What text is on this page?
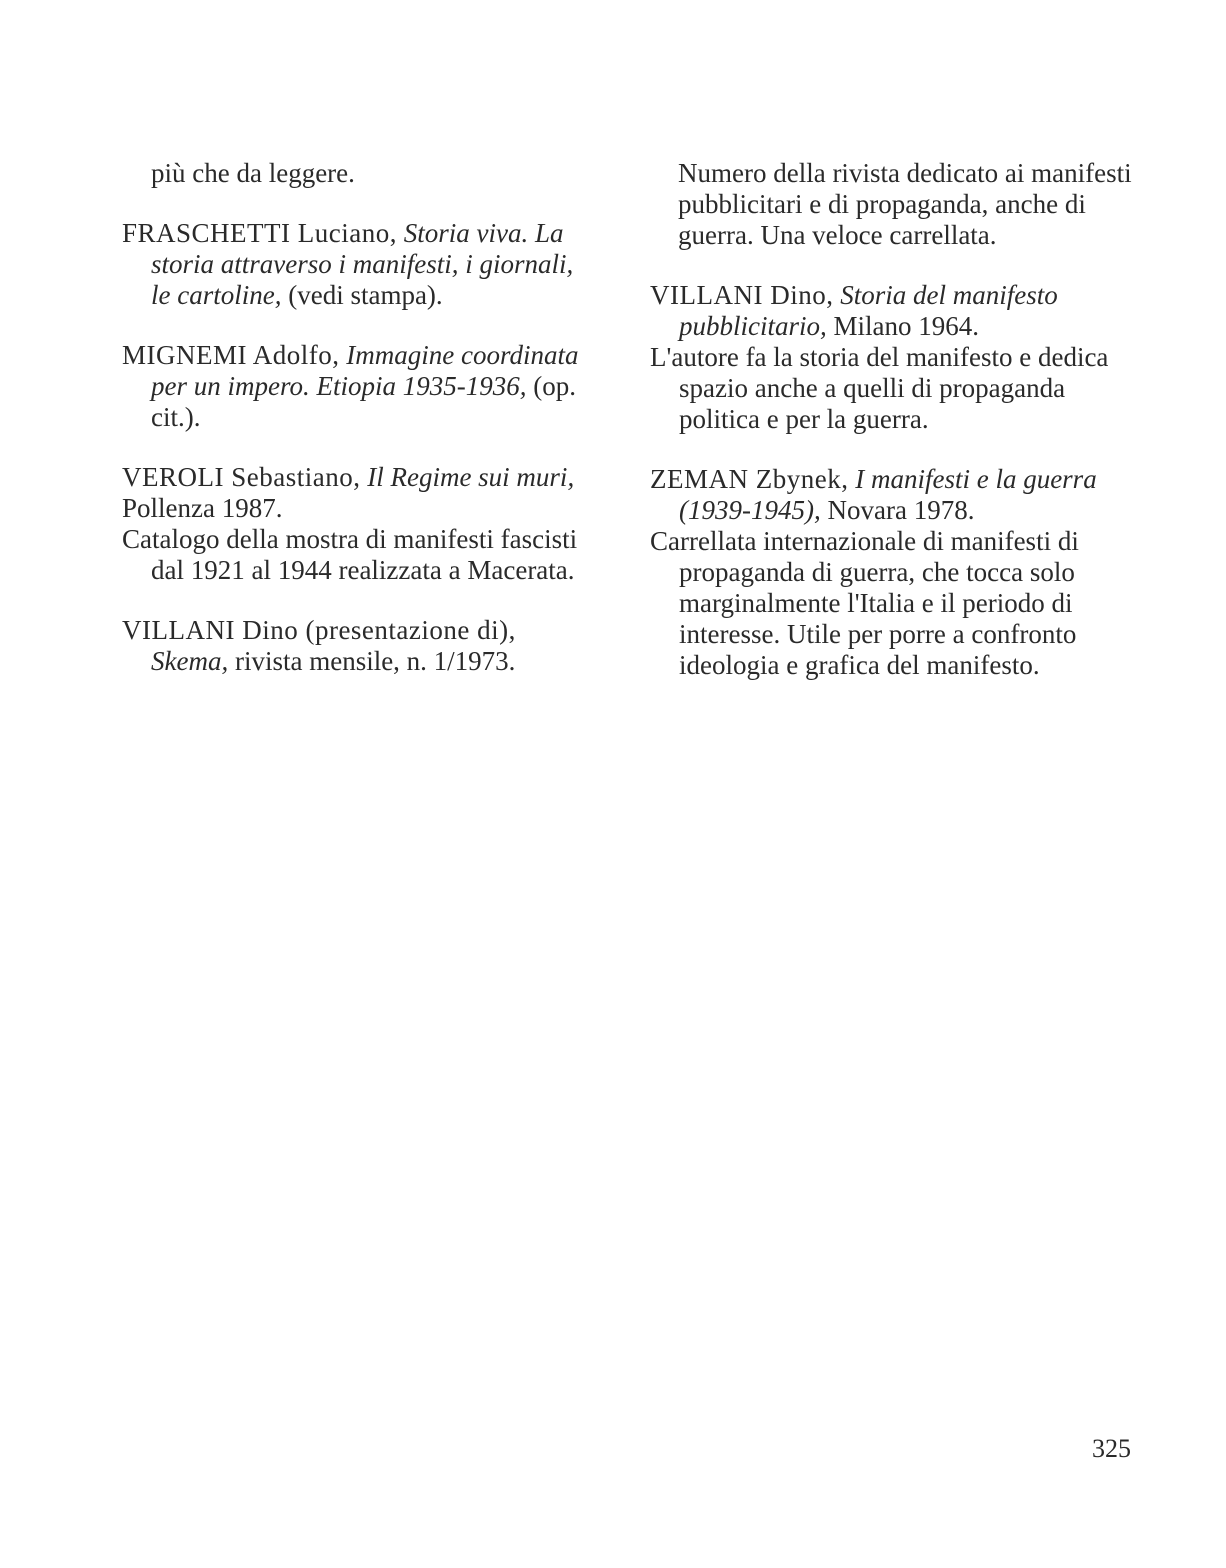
più che da leggere.
FRASCHETTI Luciano, Storia viva. La storia attraverso i manifesti, i giornali, le cartoline, (vedi stampa).
MIGNEMI Adolfo, Immagine coordinata per un impero. Etiopia 1935-1936, (op. cit.).
VEROLI Sebastiano, Il Regime sui muri,
Pollenza 1987.
Catalogo della mostra di manifesti fascisti dal 1921 al 1944 realizzata a Macerata.
VILLANI Dino (presentazione di),
Skema, rivista mensile, n. 1/1973.
Numero della rivista dedicato ai manifesti pubblicitari e di propaganda, anche di guerra. Una veloce carrellata.
VILLANI Dino, Storia del manifesto pubblicitario, Milano 1964.
L'autore fa la storia del manifesto e dedica spazio anche a quelli di propaganda politica e per la guerra.
ZEMAN Zbynek, I manifesti e la guerra (1939-1945), Novara 1978.
Carrellata internazionale di manifesti di propaganda di guerra, che tocca solo marginalmente l'Italia e il periodo di interesse. Utile per porre a confronto ideologia e grafica del manifesto.
325
